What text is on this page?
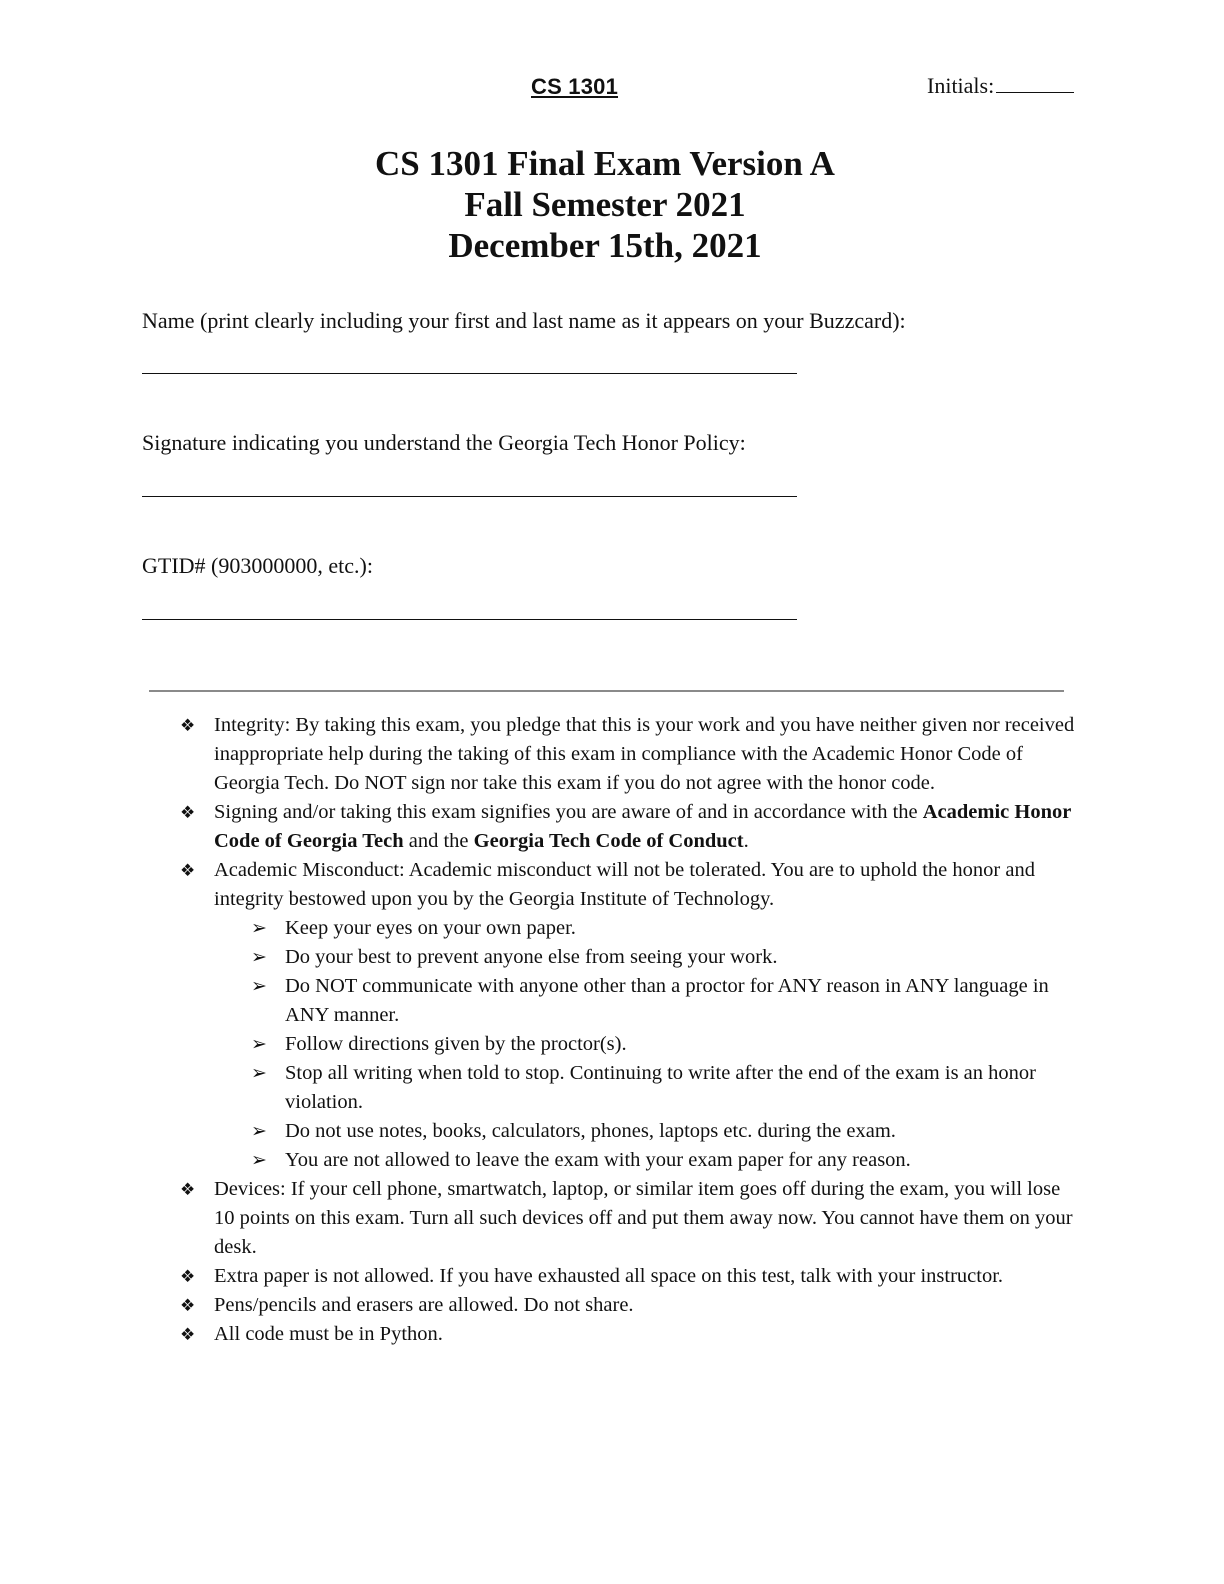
CS 1301	Initials:
CS 1301 Final Exam Version A
Fall Semester 2021
December 15th, 2021
Name (print clearly including your first and last name as it appears on your Buzzcard):
Signature indicating you understand the Georgia Tech Honor Policy:
GTID# (903000000, etc.):
❖ Integrity: By taking this exam, you pledge that this is your work and you have neither given nor received inappropriate help during the taking of this exam in compliance with the Academic Honor Code of Georgia Tech. Do NOT sign nor take this exam if you do not agree with the honor code.
❖ Signing and/or taking this exam signifies you are aware of and in accordance with the Academic Honor Code of Georgia Tech and the Georgia Tech Code of Conduct.
❖ Academic Misconduct: Academic misconduct will not be tolerated. You are to uphold the honor and integrity bestowed upon you by the Georgia Institute of Technology.
➢ Keep your eyes on your own paper.
➢ Do your best to prevent anyone else from seeing your work.
➢ Do NOT communicate with anyone other than a proctor for ANY reason in ANY language in ANY manner.
➢ Follow directions given by the proctor(s).
➢ Stop all writing when told to stop. Continuing to write after the end of the exam is an honor violation.
➢ Do not use notes, books, calculators, phones, laptops etc. during the exam.
➢ You are not allowed to leave the exam with your exam paper for any reason.
❖ Devices: If your cell phone, smartwatch, laptop, or similar item goes off during the exam, you will lose 10 points on this exam. Turn all such devices off and put them away now. You cannot have them on your desk.
❖ Extra paper is not allowed. If you have exhausted all space on this test, talk with your instructor.
❖ Pens/pencils and erasers are allowed. Do not share.
❖ All code must be in Python.
